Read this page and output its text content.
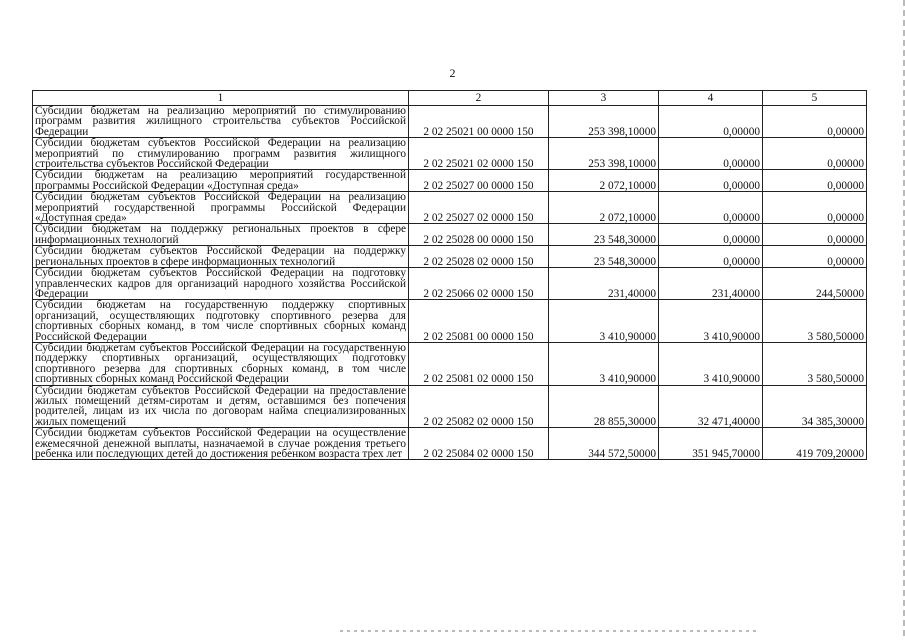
2
1	2	3	4	5
Субсидии бюджетам на реализацию мероприятий по стимулированию программ развития жилищного строительства субъектов Российской Федерации	2 02 25021 00 0000 150	253 398,10000	0,00000	0,00000
Субсидии бюджетам субъектов Российской Федерации на реализацию мероприятий по стимулированию программ развития жилищного строительства субъектов Российской Федерации	2 02 25021 02 0000 150	253 398,10000	0,00000	0,00000
Субсидии бюджетам на реализацию мероприятий государственной программы Российской Федерации «Доступная среда»	2 02 25027 00 0000 150	2 072,10000	0,00000	0,00000
Субсидии бюджетам субъектов Российской Федерации на реализацию мероприятий государственной программы Российской Федерации «Доступная среда»	2 02 25027 02 0000 150	2 072,10000	0,00000	0,00000
Субсидии бюджетам на поддержку региональных проектов в сфере информационных технологий	2 02 25028 00 0000 150	23 548,30000	0,00000	0,00000
Субсидии бюджетам субъектов Российской Федерации на поддержку региональных проектов в сфере информационных технологий	2 02 25028 02 0000 150	23 548,30000	0,00000	0,00000
Субсидии бюджетам субъектов Российской Федерации на подготовку управленческих кадров для организаций народного хозяйства Российской Федерации	2 02 25066 02 0000 150	231,40000	231,40000	244,50000
Субсидии бюджетам на государственную поддержку спортивных организаций, осуществляющих подготовку спортивного резерва для спортивных сборных команд, в том числе спортивных сборных команд Российской Федерации	2 02 25081 00 0000 150	3 410,90000	3 410,90000	3 580,50000
Субсидии бюджетам субъектов Российской Федерации на государственную поддержку спортивных организаций, осуществляющих подготовку спортивного резерва для спортивных сборных команд, в том числе спортивных сборных команд Российской Федерации	2 02 25081 02 0000 150	3 410,90000	3 410,90000	3 580,50000
Субсидии бюджетам субъектов Российской Федерации на предоставление жилых помещений детям-сиротам и детям, оставшимся без попечения родителей, лицам из их числа по договорам найма специализированных жилых помещений	2 02 25082 02 0000 150	28 855,30000	32 471,40000	34 385,30000
Субсидии бюджетам субъектов Российской Федерации на осуществление ежемесячной денежной выплаты, назначаемой в случае рождения третьего ребенка или последующих детей до достижения ребенком возраста трех лет	2 02 25084 02 0000 150	344 572,50000	351 945,70000	419 709,20000
